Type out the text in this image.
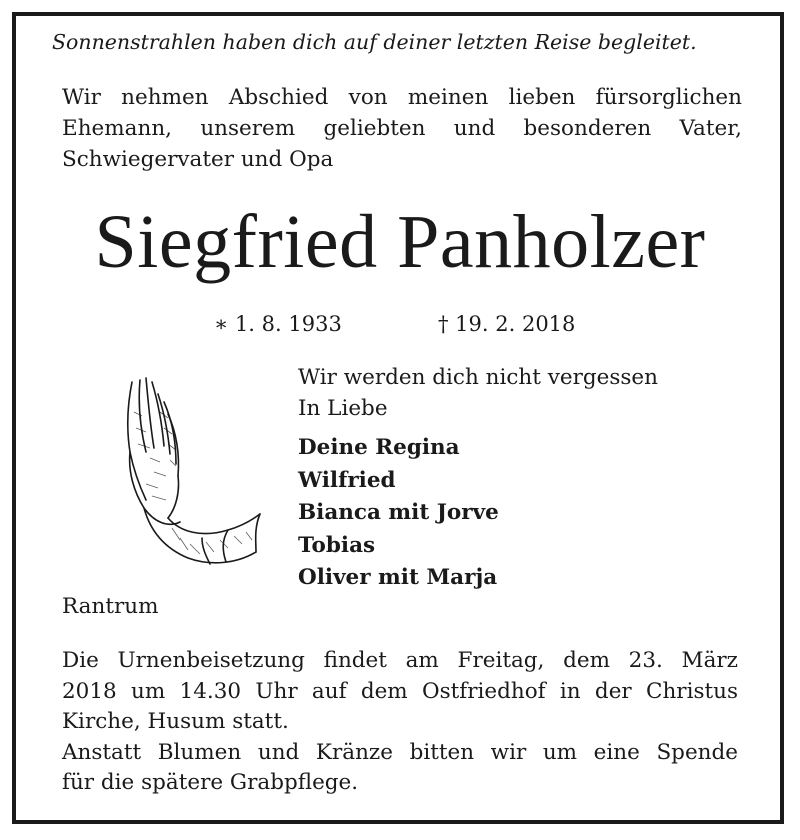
Sonnenstrahlen haben dich auf deiner letzten Reise begleitet.
Wir nehmen Abschied von meinen lieben fürsorglichen
Ehemann, unserem geliebten und besonderen Vater,
Schwiegervater und Opa
Siegfried Panholzer
∗ 1. 8. 1933	† 19. 2. 2018
Wir werden dich nicht vergessen
In Liebe
Deine Regina
Wilfried
Bianca mit Jorve
Tobias
Oliver mit Marja
Rantrum
Die Urnenbeisetzung findet am Freitag, dem 23. März
2018 um 14.30 Uhr auf dem Ostfriedhof in der Christus
Kirche, Husum statt.
Anstatt Blumen und Kränze bitten wir um eine Spende
für die spätere Grabpflege.
